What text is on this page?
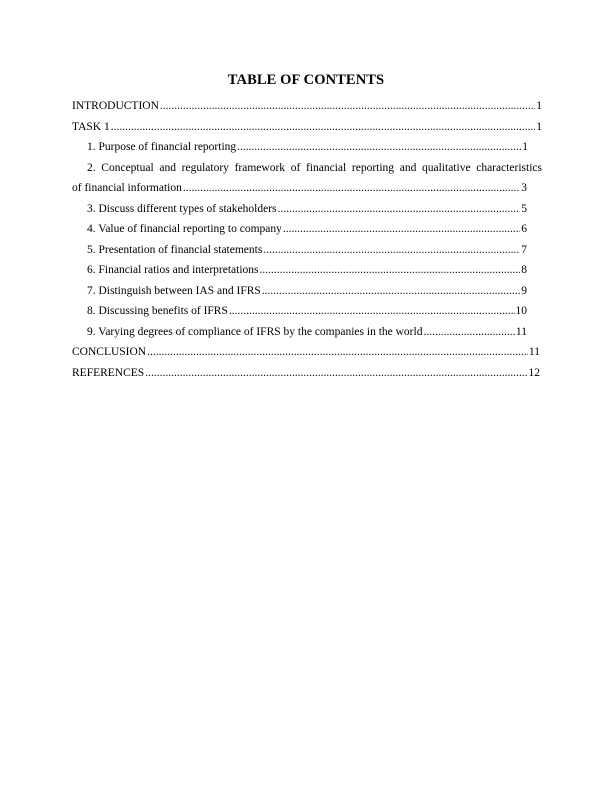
TABLE OF CONTENTS
INTRODUCTION .....	1
TASK 1 .....	1
1. Purpose of financial reporting .....	1
2. Conceptual and regulatory framework of financial reporting and qualitative characteristics
of financial information .....	3
3. Discuss different types of stakeholders .....	5
4. Value of financial reporting to company .....	6
5. Presentation of financial statements .....	7
6. Financial ratios and interpretations .....	8
7. Distinguish between IAS and IFRS .....	9
8. Discussing benefits of IFRS .....	10
9. Varying degrees of compliance of IFRS by the companies in the world .....	11
CONCLUSION .....	11
REFERENCES .....	12
